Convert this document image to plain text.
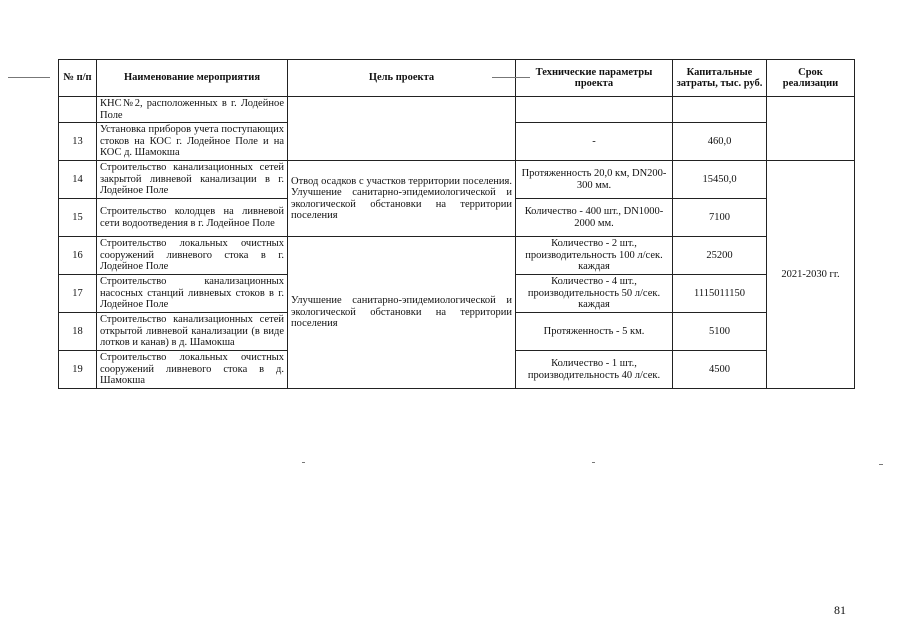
№ п/п	Наименование мероприятия	Цель проекта	Технические параметры проекта	Капитальные затраты, тыс. руб.	Срок реализации
	КНС№2, расположенных в г. Лодейное Поле				
13	Установка приборов учета поступающих стоков на КОС г. Лодейное Поле и на КОС д. Шамокша		-	460,0	
14	Строительство канализационных сетей закрытой ливневой канализации в г. Лодейное Поле	Отвод осадков с участков территории поселения. Улучшение санитарно-эпидемиологической и экологической обстановки на территории поселения	Протяженность 20,0 км, DN200-300 мм.	15450,0	2021-2030 гг.
15	Строительство колодцев на ливневой сети водоотведения в г. Лодейное Поле		Количество - 400 шт., DN1000-2000 мм.	7100	
16	Строительство локальных очистных сооружений ливневого стока в г. Лодейное Поле	Улучшение санитарно-эпидемиологической и экологической обстановки на территории поселения	Количество - 2 шт., производительность 100 л/сек. каждая	25200	
17	Строительство канализационных насосных станций ливневых стоков в г. Лодейное Поле		Количество - 4 шт., производительность 50 л/сек. каждая	1115011150	
18	Строительство канализационных сетей открытой ливневой канализации (в виде лотков и канав) в д. Шамокша		Протяженность - 5 км.	5100	
19	Строительство локальных очистных сооружений ливневого стока в д. Шамокша		Количество - 1 шт., производительность 40 л/сек.	4500	
81
